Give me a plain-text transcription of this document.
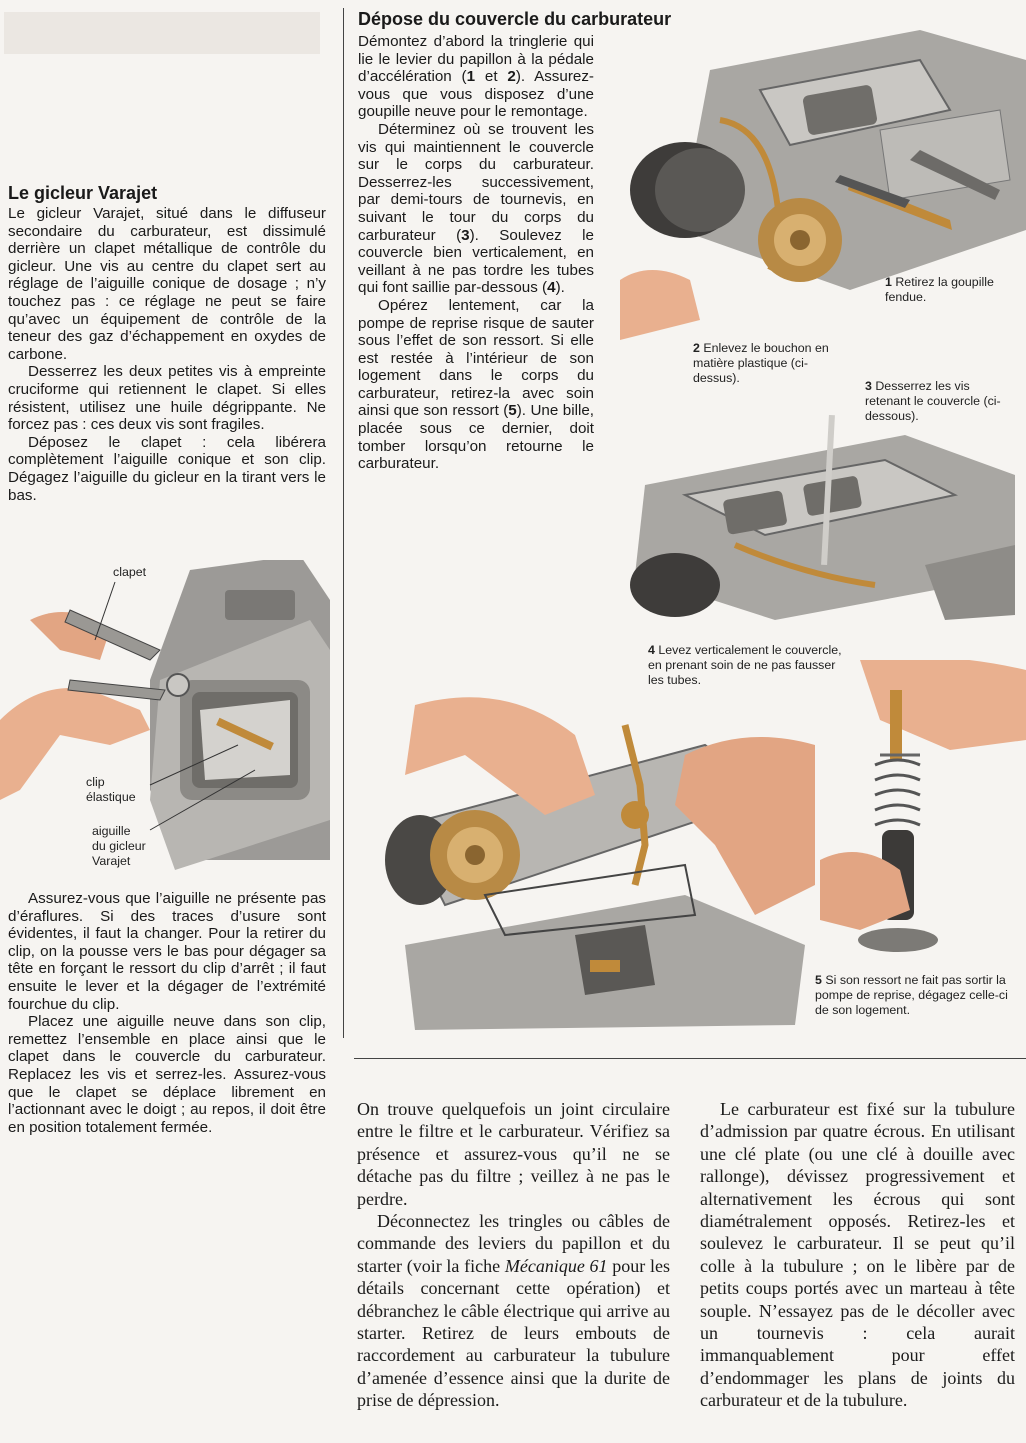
Le gicleur Varajet

Le gicleur Varajet, situé dans le diffuseur secondaire du carburateur, est dissimulé derrière un clapet métallique de contrôle du gicleur. Une vis au centre du clapet sert au réglage de l’aiguille conique de dosage ; n’y touchez pas : ce réglage ne peut se faire qu’avec un équipement de contrôle de la teneur des gaz d’échappement en oxydes de carbone.

Desserrez les deux petites vis à empreinte cruciforme qui retiennent le clapet. Si elles résistent, utilisez une huile dégrippante. Ne forcez pas : ces deux vis sont fragiles.

Déposez le clapet : cela libérera complètement l’aiguille conique et son clip. Dégagez l’aiguille du gicleur en la tirant vers le bas.

clapet
clip
élastique
aiguille
du gicleur
Varajet

Assurez-vous que l’aiguille ne présente pas d’éraflures. Si des traces d’usure sont évidentes, il faut la changer. Pour la retirer du clip, on la pousse vers le bas pour dégager sa tête en forçant le ressort du clip d’arrêt ; il faut ensuite le lever et la dégager de l’extrémité fourchue du clip.

Placez une aiguille neuve dans son clip, remettez l’ensemble en place ainsi que le clapet dans le couvercle du carburateur. Replacez les vis et serrez-les. Assurez-vous que le clapet se déplace librement en l’actionnant avec le doigt ; au repos, il doit être en position totalement fermée.

Dépose du couvercle du carburateur

Démontez d’abord la tringlerie qui lie le levier du papillon à la pédale d’accélération (1 et 2). Assurez-vous que vous disposez d’une goupille neuve pour le remontage.

Déterminez où se trouvent les vis qui maintiennent le couvercle sur le corps du carburateur. Desserrez-les successivement, par demi-tours de tournevis, en suivant le tour du corps du carburateur (3). Soulevez le couvercle bien verticalement, en veillant à ne pas tordre les tubes qui font saillie par-dessous (4).

Opérez lentement, car la pompe de reprise risque de sauter sous l’effet de son ressort. Si elle est restée à l’intérieur de son logement dans le corps du carburateur, retirez-la avec soin ainsi que son ressort (5). Une bille, placée sous ce dernier, doit tomber lorsqu’on retourne le carburateur.

1 Retirez la goupille fendue.
2 Enlevez le bouchon en matière plastique (ci-dessus).
3 Desserrez les vis retenant le couvercle (ci-dessous).
4 Levez verticalement le couvercle, en prenant soin de ne pas fausser les tubes.
5 Si son ressort ne fait pas sortir la pompe de reprise, dégagez celle-ci de son logement.

On trouve quelquefois un joint circulaire entre le filtre et le carburateur. Vérifiez sa présence et assurez-vous qu’il ne se détache pas du filtre ; veillez à ne pas le perdre.

Déconnectez les tringles ou câbles de commande des leviers du papillon et du starter (voir la fiche Mécanique 61 pour les détails concernant cette opération) et débranchez le câble électrique qui arrive au starter. Retirez de leurs embouts de raccordement au carburateur la tubulure d’amenée d’essence ainsi que la durite de prise de dépression.

Le carburateur est fixé sur la tubulure d’admission par quatre écrous. En utilisant une clé plate (ou une clé à douille avec rallonge), dévissez progressivement et alternativement les écrous qui sont diamétralement opposés. Retirez-les et soulevez le carburateur. Il se peut qu’il colle à la tubulure ; on le libère par de petits coups portés avec un marteau à tête souple. N’essayez pas de le décoller avec un tournevis : cela aurait immanquablement pour effet d’endommager les plans de joints du carburateur et de la tubulure.
